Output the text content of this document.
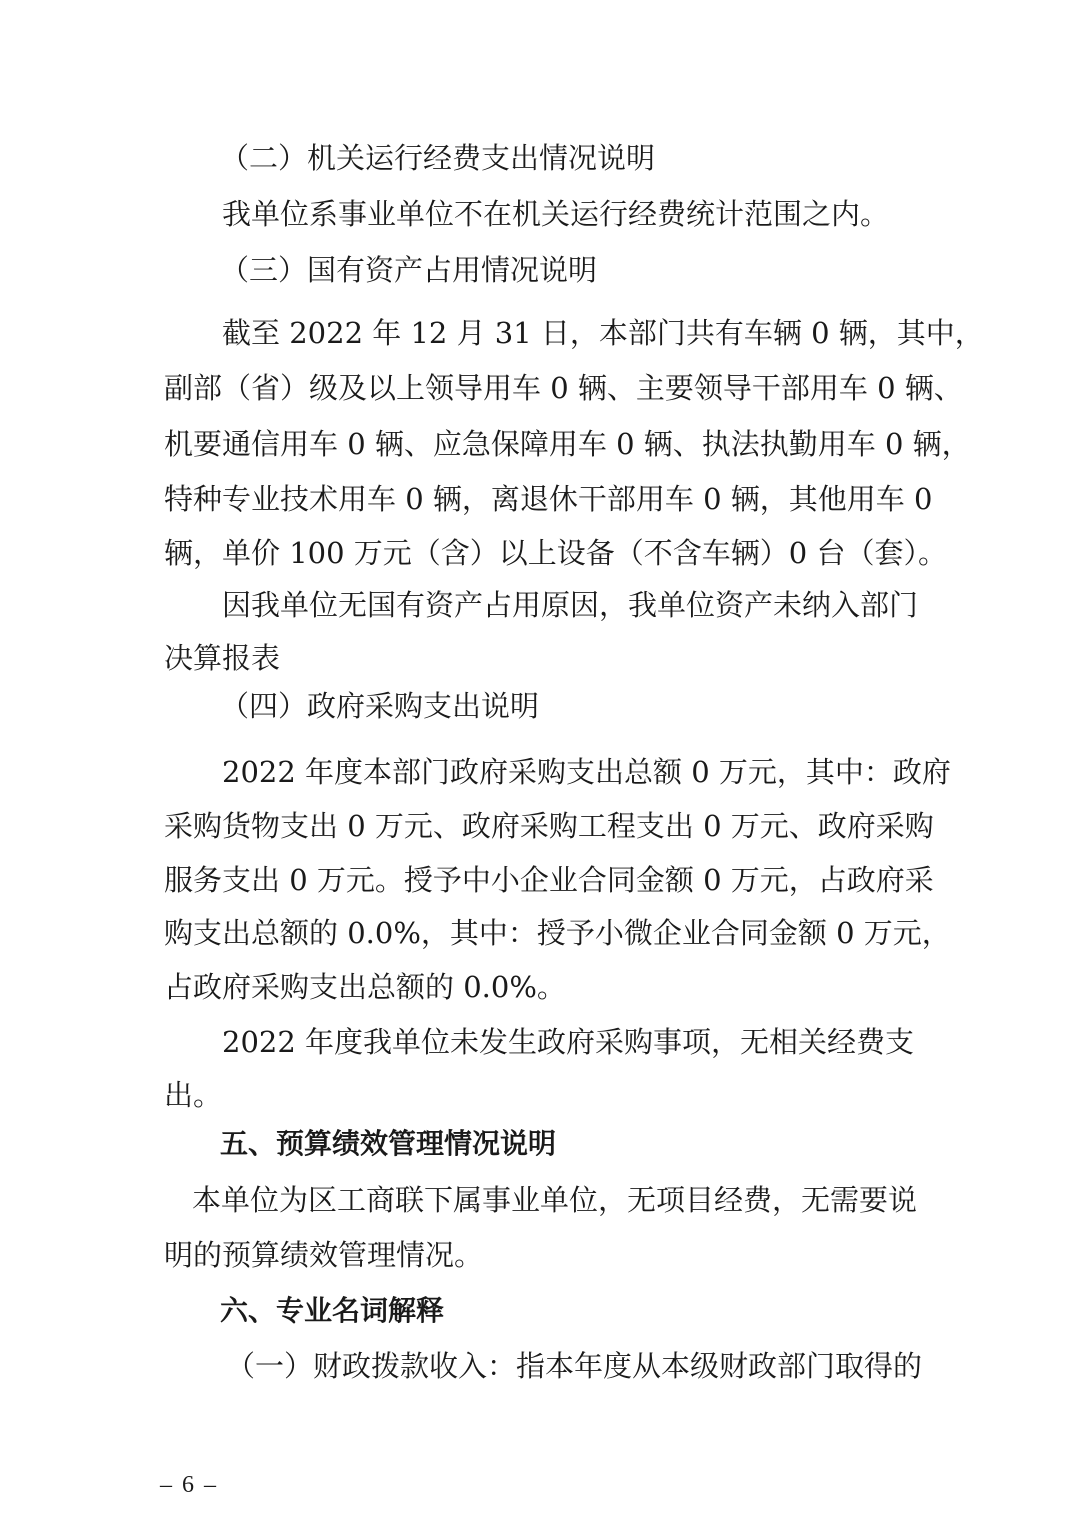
（二）机关运行经费支出情况说明
我单位系事业单位不在机关运行经费统计范围之内。
（三）国有资产占用情况说明
截至 2022 年 12 月 31 日，本部门共有车辆 0 辆，其中，
副部（省）级及以上领导用车 0 辆、主要领导干部用车 0 辆、
机要通信用车 0 辆、应急保障用车 0 辆、执法执勤用车 0 辆，
特种专业技术用车 0 辆，离退休干部用车 0 辆，其他用车 0
辆，单价 100 万元（含）以上设备（不含车辆）0 台（套）。
因我单位无国有资产占用原因，我单位资产未纳入部门
决算报表
（四）政府采购支出说明
2022 年度本部门政府采购支出总额 0 万元，其中：政府
采购货物支出 0 万元、政府采购工程支出 0 万元、政府采购
服务支出 0 万元。授予中小企业合同金额 0 万元，占政府采
购支出总额的 0.0%，其中：授予小微企业合同金额 0 万元，
占政府采购支出总额的 0.0%。
2022 年度我单位未发生政府采购事项，无相关经费支
出。
五、预算绩效管理情况说明
本单位为区工商联下属事业单位，无项目经费，无需要说
明的预算绩效管理情况。
六、专业名词解释
（一）财政拨款收入：指本年度从本级财政部门取得的
– 6 –
